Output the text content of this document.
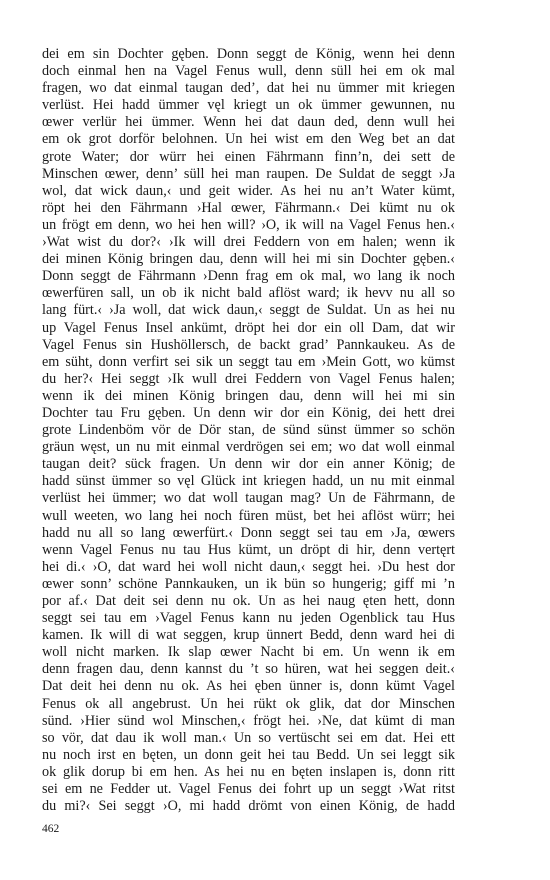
dei em sin Dochter gęben. Donn seggt de König, wenn hei denn
doch einmal hen na Vagel Fenus wull, denn süll hei em ok mal
fragen, wo dat einmal taugan ded’, dat hei nu ümmer mit kriegen
verlüst. Hei hadd ümmer vęl kriegt un ok ümmer gewunnen, nu
œwer verlür hei ümmer. Wenn hei dat daun ded, denn wull hei
em ok grot dorför belohnen. Un hei wist em den Weg bet an dat
grote Water; dor würr hei einen Fährmann finn’n, dei sett de
Minschen œwer, denn’ süll hei man raupen. De Suldat de seggt ›Ja
wol, dat wick daun,‹ und geit wider. As hei nu an’t Water kümt,
röpt hei den Fährmann ›Hal œwer, Fährmann.‹ Dei kümt nu ok
un frögt em denn, wo hei hen will? ›O, ik will na Vagel Fenus hen.‹
›Wat wist du dor?‹ ›Ik will drei Feddern von em halen; wenn ik
dei minen König bringen dau, denn will hei mi sin Dochter gęben.‹
Donn seggt de Fährmann ›Denn frag em ok mal, wo lang ik noch
œwerfüren sall, un ob ik nicht bald aflöst ward; ik hevv nu all so
lang fürt.‹ ›Ja woll, dat wick daun,‹ seggt de Suldat. Un as hei nu
up Vagel Fenus Insel ankümt, dröpt hei dor ein oll Dam, dat wir
Vagel Fenus sin Hushöllersch, de backt grad’ Pannkaukeu. As de
em süht, donn verfirt sei sik un seggt tau em ›Mein Gott, wo kümst
du her?‹ Hei seggt ›Ik wull drei Feddern von Vagel Fenus halen;
wenn ik dei minen König bringen dau, denn will hei mi sin
Dochter tau Fru gęben. Un denn wir dor ein König, dei hett drei
grote Lindenböm vör de Dör stan, de sünd sünst ümmer so schön
gräun węst, un nu mit einmal verdrögen sei em; wo dat woll einmal
taugan deit? sück fragen. Un denn wir dor ein anner König; de
hadd sünst ümmer so vęl Glück int kriegen hadd, un nu mit einmal
verlüst hei ümmer; wo dat woll taugan mag? Un de Fährmann, de
wull weeten, wo lang hei noch füren müst, bet hei aflöst würr; hei
hadd nu all so lang œwerfürt.‹ Donn seggt sei tau em ›Ja, œwers
wenn Vagel Fenus nu tau Hus kümt, un dröpt di hir, denn vertęrt
hei di.‹ ›O, dat ward hei woll nicht daun,‹ seggt hei. ›Du hest dor
œwer sonn’ schöne Pannkauken, un ik bün so hungerig; giff mi ’n
por af.‹ Dat deit sei denn nu ok. Un as hei naug ęten hett, donn
seggt sei tau em ›Vagel Fenus kann nu jeden Ogenblick tau Hus
kamen. Ik will di wat seggen, krup ünnert Bedd, denn ward hei di
woll nicht marken. Ik slap œwer Nacht bi em. Un wenn ik em
denn fragen dau, denn kannst du ’t so hüren, wat hei seggen deit.‹
Dat deit hei denn nu ok. As hei ęben ünner is, donn kümt Vagel
Fenus ok all angebrust. Un hei rükt ok glik, dat dor Minschen
sünd. ›Hier sünd wol Minschen,‹ frögt hei. ›Ne, dat kümt di man
so vör, dat dau ik woll man.‹ Un so vertüscht sei em dat. Hei ett
nu noch irst en bęten, un donn geit hei tau Bedd. Un sei leggt sik
ok glik dorup bi em hen. As hei nu en bęten inslapen is, donn ritt
sei em ne Fedder ut. Vagel Fenus dei fohrt up un seggt ›Wat ritst
du mi?‹ Sei seggt ›O, mi hadd drömt von einen König, de hadd
462
